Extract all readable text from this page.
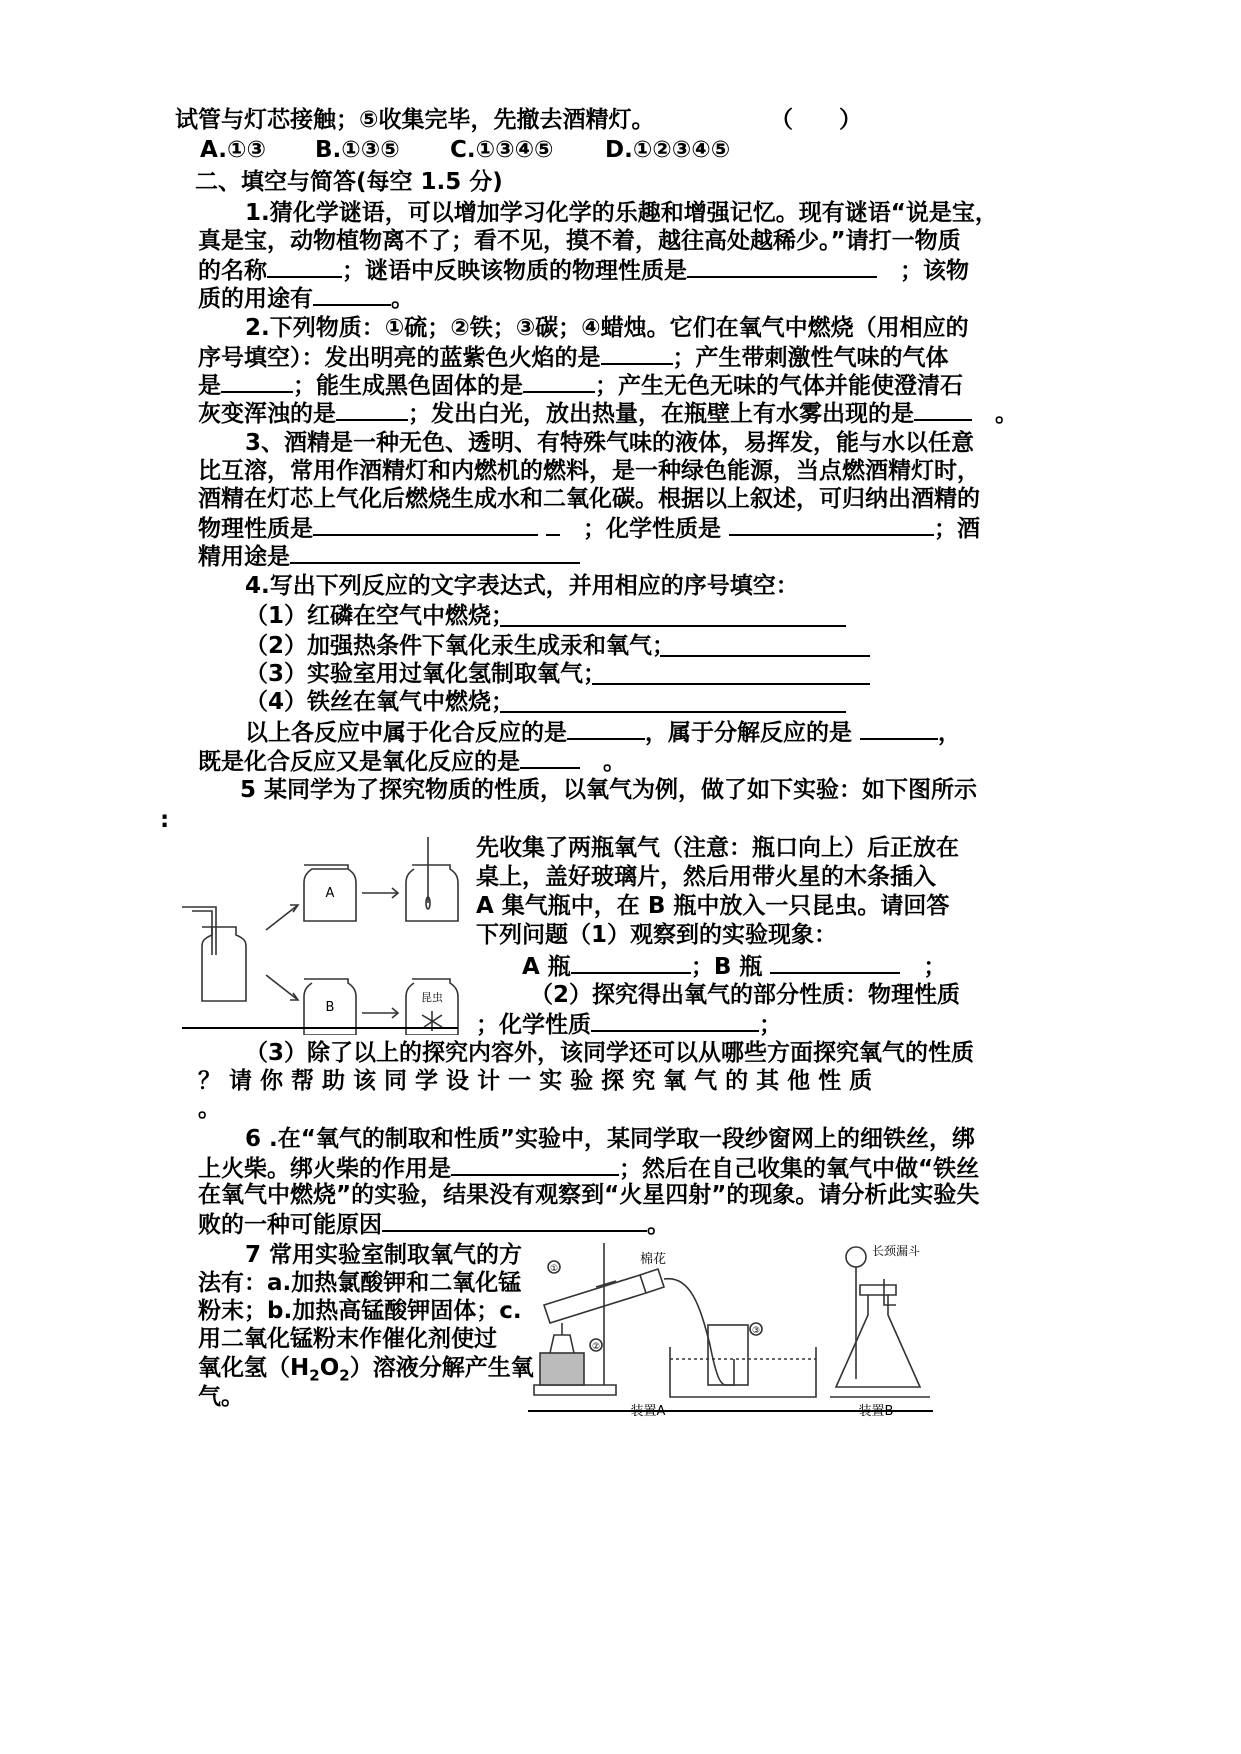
试管与灯芯接触；⑤收集完毕，先撤去酒精灯。	（　　）
A.①③ B.①③⑤ C.①③④⑤ D.①②③④⑤
二、填空与简答(每空 1.5 分)
1.猜化学谜语，可以增加学习化学的乐趣和增强记忆。现有谜语“说是宝，
真是宝，动物植物离不了；看不见，摸不着，越往高处越稀少。”请打一物质
的名称	；谜语中反映该物质的物理性质是　	；该物
质的用途有	。
2.下列物质：①硫；②铁；③碳；④蜡烛。它们在氧气中燃烧（用相应的
序号填空）：发出明亮的蓝紫色火焰的是	；产生带刺激性气味的气体
是	；能生成黑色固体的是	；产生无色无味的气体并能使澄清石
灰变浑浊的是	；发出白光，放出热量，在瓶壁上有水雾出现的是　	。
3、酒精是一种无色、透明、有特殊气味的液体，易挥发，能与水以任意
比互溶，常用作酒精灯和内燃机的燃料，是一种绿色能源，当点燃酒精灯时，
酒精在灯芯上气化后燃烧生成水和二氧化碳。根据以上叙述，可归纳出酒精的
物理性质是 　	；化学性质是	；酒
精用途是
4.写出下列反应的文字表达式，并用相应的序号填空：
（1）红磷在空气中燃烧；
（2）加强热条件下氧化汞生成汞和氧气；
（3）实验室用过氧化氢制取氧气；
（4）铁丝在氧气中燃烧；
以上各反应中属于化合反应的是	，属于分解反应的是	，
既是化合反应又是氧化反应的是　	。
5 某同学为了探究物质的性质，以氧气为例，做了如下实验：如下图所示
:
A
B
昆虫
先收集了两瓶氧气（注意：瓶口向上）后正放在
桌上，盖好玻璃片，然后用带火星的木条插入
A 集气瓶中，在 B 瓶中放入一只昆虫。请回答
下列问题（1）观察到的实验现象：
A 瓶	；B 瓶 　	；
（2）探究得出氧气的部分性质：物理性质
；化学性质	；
（3）除了以上的探究内容外，该同学还可以从哪些方面探究氧气的性质
？ 请 你 帮 助 该 同 学 设 计 一 实 验 探 究 氧 气 的 其 他 性 质
。
6 .在“氧气的制取和性质”实验中，某同学取一段纱窗网上的细铁丝，绑
上火柴。绑火柴的作用是	；然后在自己收集的氧气中做“铁丝
在氧气中燃烧”的实验，结果没有观察到“火星四射”的现象。请分析此实验失
败的一种可能原因	。
7 常用实验室制取氧气的方
法有：a.加热氯酸钾和二氧化锰
粉末；b.加热高锰酸钾固体；c.
用二氧化锰粉末作催化剂使过
氧化氢$(H_2O_2)$溶液分解产生氧
气。
①
②
③
棉花
长颈漏斗
装置A	装置B
